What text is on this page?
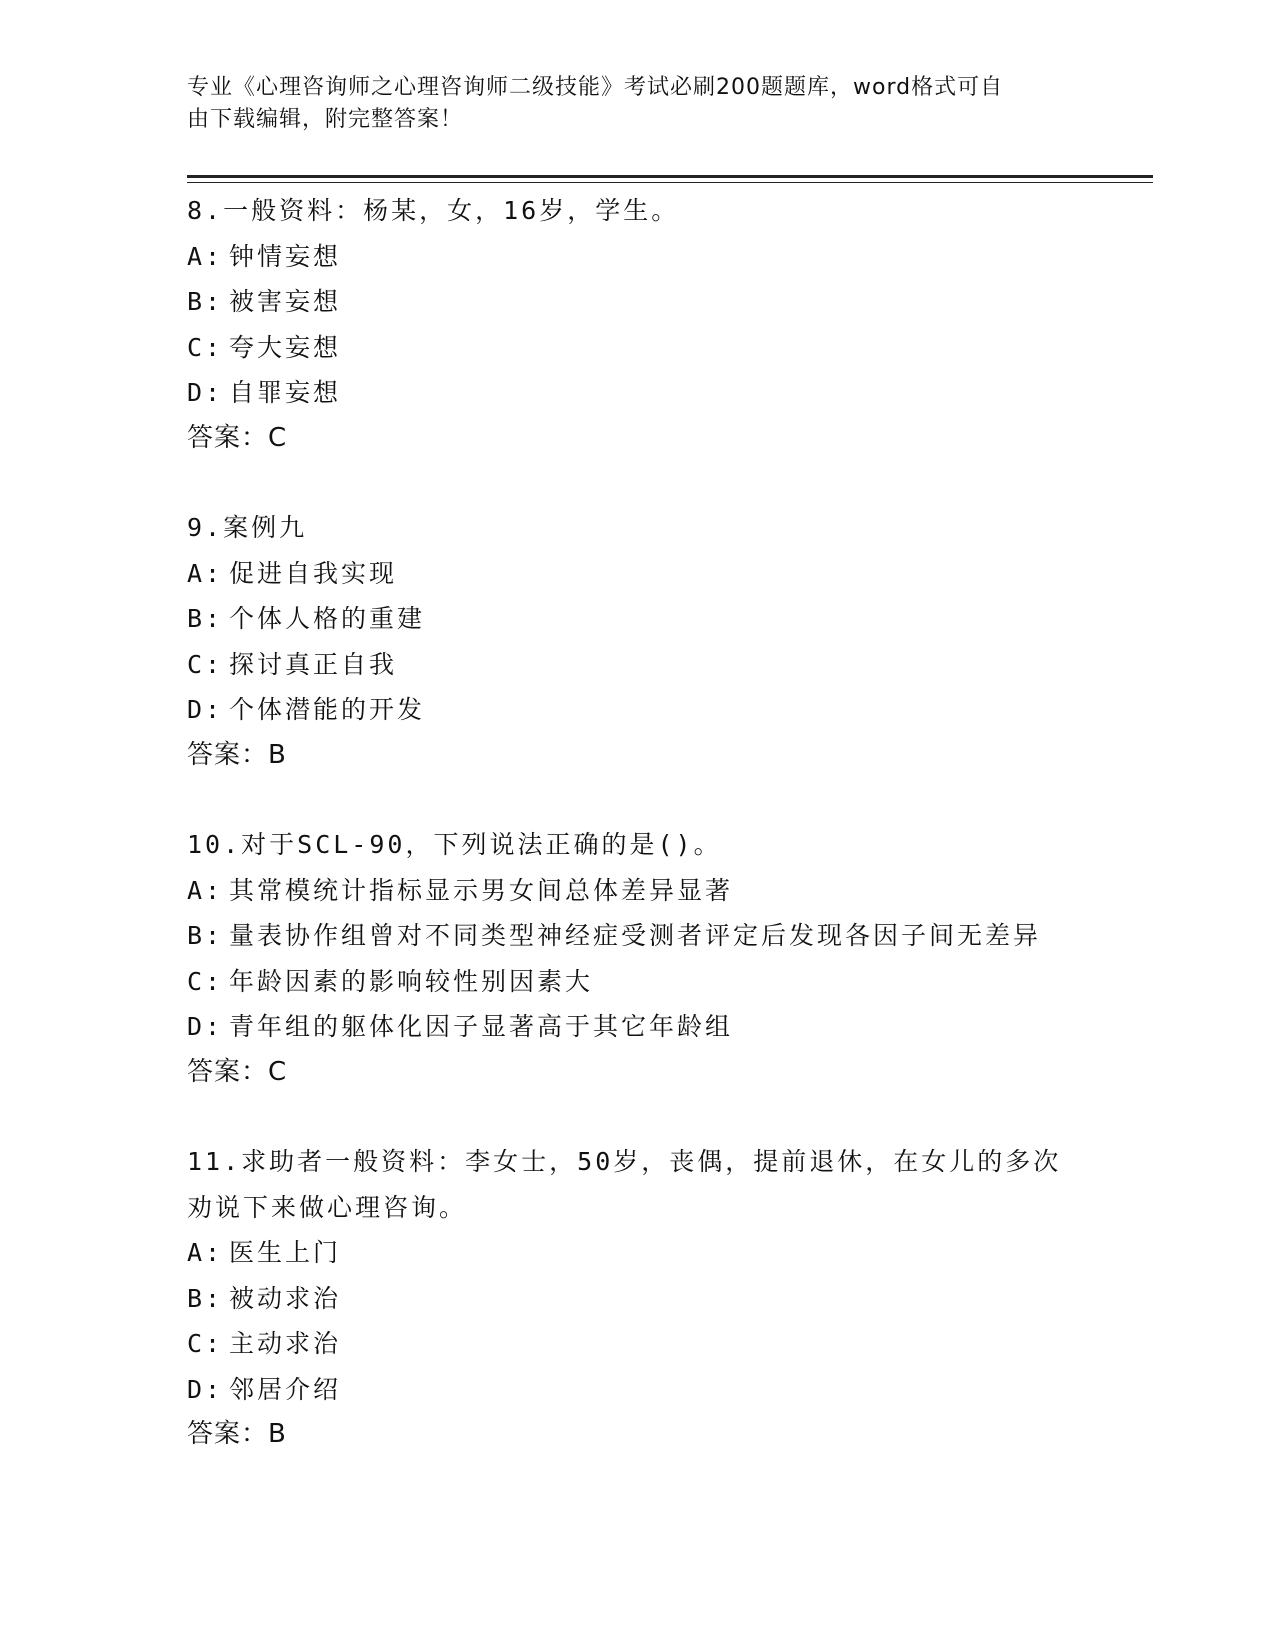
专业《心理咨询师之心理咨询师二级技能》考试必刷200题题库，word格式可自
由下载编辑，附完整答案！
8.一般资料：杨某，女，16岁，学生。
A: 钟情妄想
B: 被害妄想
C: 夸大妄想
D: 自罪妄想
答案：C
9.案例九
A: 促进自我实现
B: 个体人格的重建
C: 探讨真正自我
D: 个体潜能的开发
答案：B
10.对于SCL-90，下列说法正确的是()。
A: 其常模统计指标显示男女间总体差异显著
B: 量表协作组曾对不同类型神经症受测者评定后发现各因子间无差异
C: 年龄因素的影响较性别因素大
D: 青年组的躯体化因子显著高于其它年龄组
答案：C
11.求助者一般资料：李女士，50岁，丧偶，提前退休，在女儿的多次劝说下来做心理咨询。
A: 医生上门
B: 被动求治
C: 主动求治
D: 邻居介绍
答案：B
